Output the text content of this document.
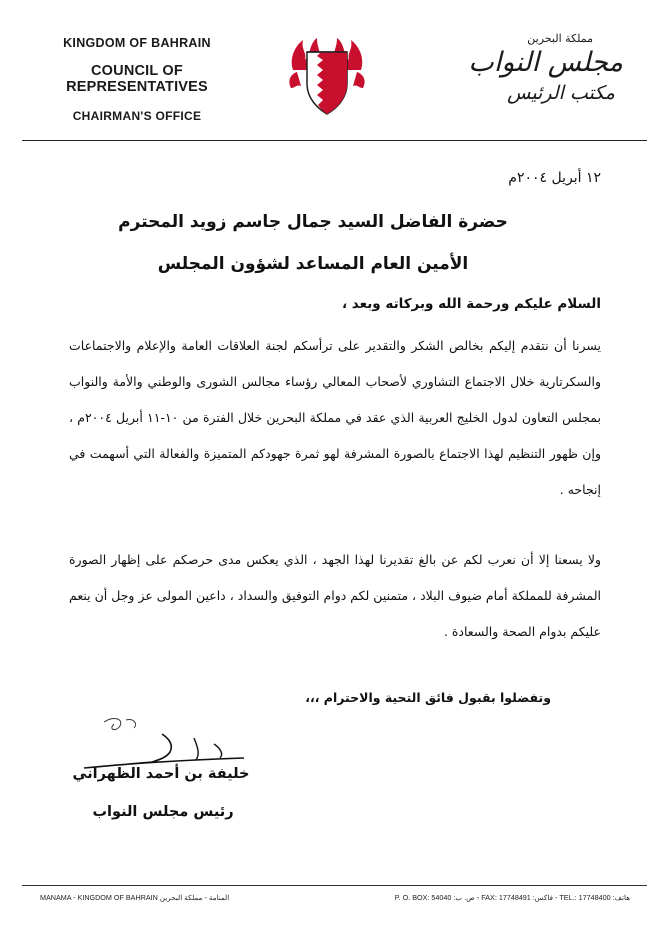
KINGDOM OF BAHRAIN
COUNCIL OF REPRESENTATIVES
CHAIRMAN'S OFFICE
مملكة البحرين
مجلس النواب
مكتب الرئيس
١٢ أبريل ٢٠٠٤م
حضرة الفاضل السيد جمال جاسم زويد المحترم
الأمين العام المساعد لشؤون المجلس
السلام عليكم ورحمة الله وبركاته وبعد ،
يسرنا أن نتقدم إليكم بخالص الشكر والتقدير على ترأسكم لجنة العلاقات العامة والإعلام والاجتماعات والسكرتارية خلال الاجتماع التشاوري لأصحاب المعالي رؤساء مجالس الشورى والوطني والأمة والنواب بمجلس التعاون لدول الخليج العربية الذي عقد في مملكة البحرين خلال الفترة من ١٠-١١ أبريل ٢٠٠٤م ، وإن ظهور التنظيم لهذا الاجتماع بالصورة المشرفة لهو ثمرة جهودكم المتميزة والفعالة التي أسهمت في إنجاحه .
ولا يسعنا إلا أن نعرب لكم عن بالغ تقديرنا لهذا الجهد ، الذي يعكس مدى حرصكم على إظهار الصورة المشرفة للمملكة أمام ضيوف البلاد ، متمنين لكم دوام التوفيق والسداد ، داعين المولى عز وجل أن ينعم عليكم بدوام الصحة والسعادة .
وتفضلوا بقبول فائق التحية والاحترام ،،،
خليفة بن أحمد الظهراني
رئيس مجلس النواب
MANAMA - KINGDOM OF BAHRAIN المنامة - مملكة البحرين	هاتف: 17748400 :.TEL - فاكس: 17748491 :FAX - ص. ب: 54040 :P. O. BOX
